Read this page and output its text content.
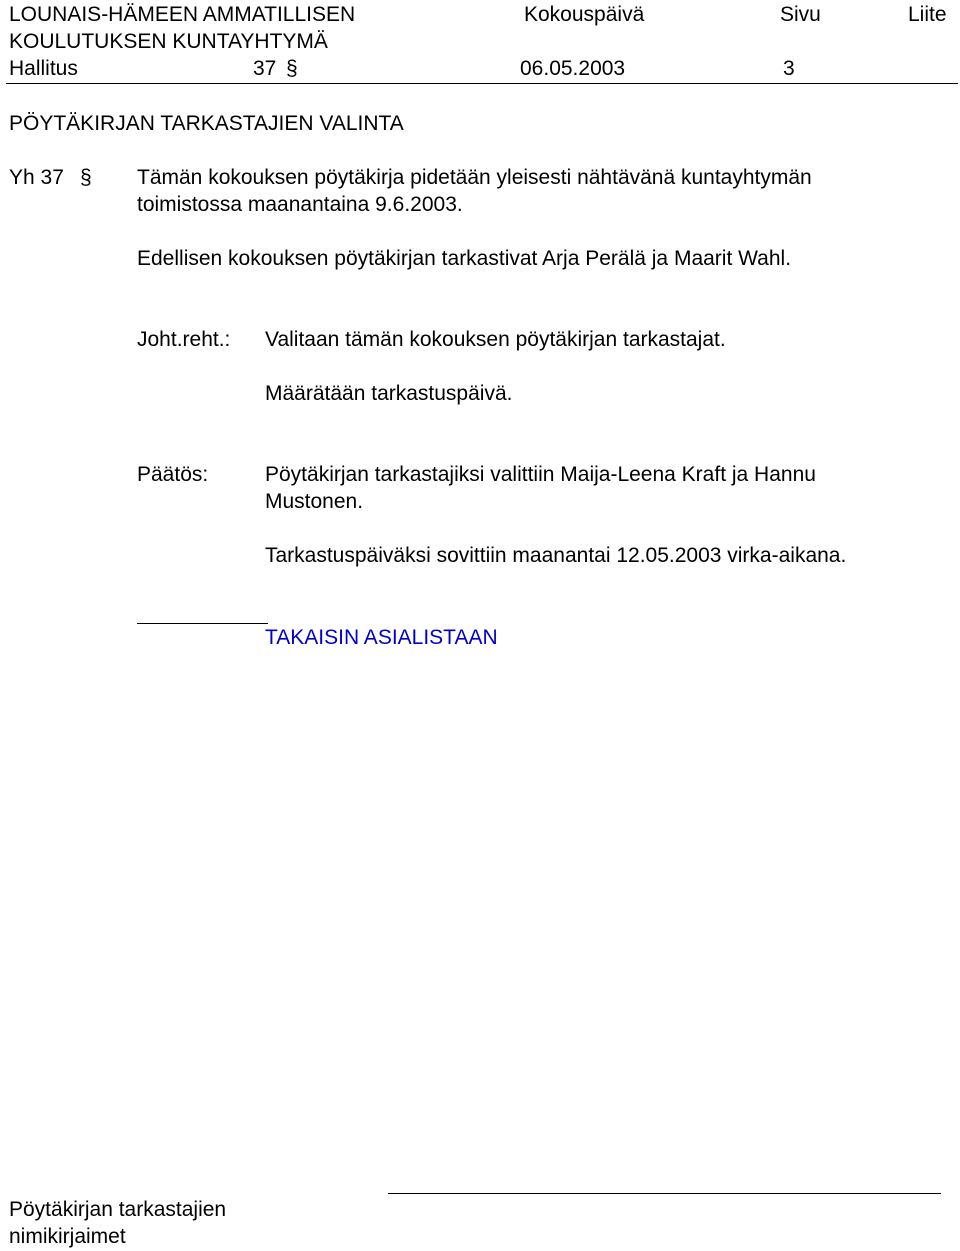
LOUNAIS-HÄMEEN AMMATILLISEN	Kokouspäivä	Sivu	Liite
KOULUTUKSEN KUNTAYHTYMÄ
Hallitus	37 §	06.05.2003	3
PÖYTÄKIRJAN TARKASTAJIEN VALINTA
Yh 37 § Tämän kokouksen pöytäkirja pidetään yleisesti nähtävänä kuntayhtymän
toimistossa maanantaina 9.6.2003.
Edellisen kokouksen pöytäkirjan tarkastivat Arja Perälä ja Maarit Wahl.
Joht.reht.: Valitaan tämän kokouksen pöytäkirjan tarkastajat.
Määrätään tarkastuspäivä.
Päätös:	Pöytäkirjan tarkastajiksi valittiin Maija-Leena Kraft ja Hannu
Mustonen.
Tarkastuspäiväksi sovittiin maanantai 12.05.2003 virka-aikana.
TAKAISIN ASIALISTAAN
Pöytäkirjan tarkastajien
nimikirjaimet
